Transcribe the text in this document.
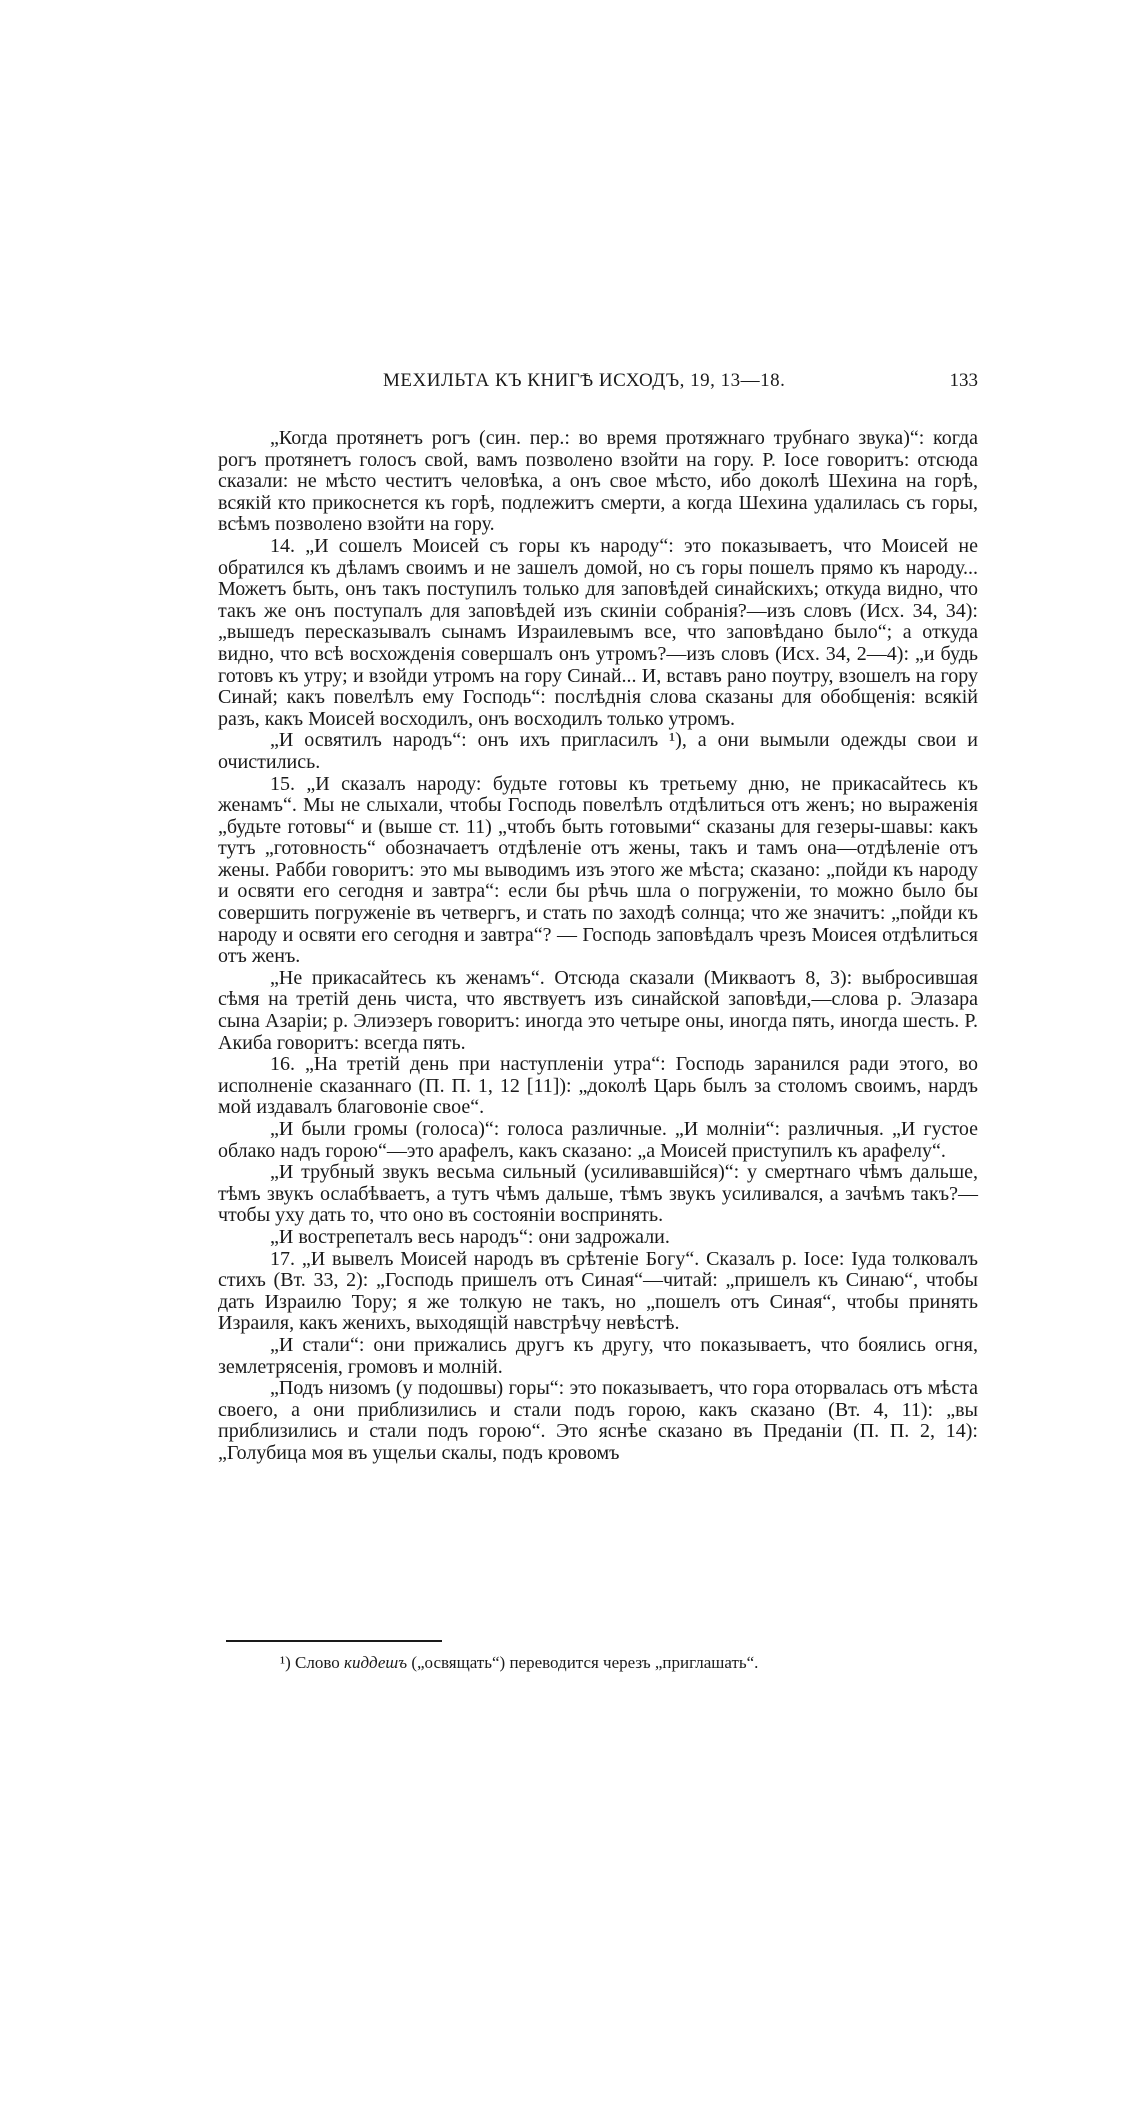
МЕХИЛЬТА КЪ КНИГѢ ИСХОДЪ, 19, 13—18.	133

„Когда протянетъ рогъ (син. пер.: во время протяжнаго трубнаго звука)“: когда рогъ протянетъ голосъ свой, вамъ позволено взойти на гору. Р. Iосе говоритъ: отсюда сказали: не мѣсто честитъ человѣка, а онъ свое мѣсто, ибо доколѣ Шехина на горѣ, всякій кто прикоснется къ горѣ, подлежитъ смерти, а когда Шехина удалилась съ горы, всѣмъ позволено взойти на гору.

14. „И сошелъ Моисей съ горы къ народу“: это показываетъ, что Моисей не обратился къ дѣламъ своимъ и не зашелъ домой, но съ горы пошелъ прямо къ народу... Можетъ быть, онъ такъ поступилъ только для заповѣдей синайскихъ; откуда видно, что такъ же онъ поступалъ для заповѣдей изъ скиніи собранія?—изъ словъ (Исх. 34, 34): „вышедъ пересказывалъ сынамъ Израилевымъ все, что заповѣдано было“; а откуда видно, что всѣ восхожденія совершалъ онъ утромъ?—изъ словъ (Исх. 34, 2—4): „и будь готовъ къ утру; и взойди утромъ на гору Синай... И, вставъ рано поутру, взошелъ на гору Синай; какъ повелѣлъ ему Господь“: послѣднія слова сказаны для обобщенія: всякій разъ, какъ Моисей восходилъ, онъ восходилъ только утромъ.

„И освятилъ народъ“: онъ ихъ пригласилъ ¹), а они вымыли одежды свои и очистились.

15. „И сказалъ народу: будьте готовы къ третьему дню, не прикасайтесь къ женамъ“. Мы не слыхали, чтобы Господь повелѣлъ отдѣлиться отъ женъ; но выраженія „будьте готовы“ и (выше ст. 11) „чтобъ быть готовыми“ сказаны для гезеры-шавы: какъ тутъ „готовность“ обозначаетъ отдѣленіе отъ жены, такъ и тамъ она—отдѣленіе отъ жены. Рабби говоритъ: это мы выводимъ изъ этого же мѣста; сказано: „пойди къ народу и освяти его сегодня и завтра“: если бы рѣчь шла о погруженіи, то можно было бы совершить погруженіе въ четвергъ, и стать по заходѣ солнца; что же значитъ: „пойди къ народу и освяти его сегодня и завтра“? — Господь заповѣдалъ чрезъ Моисея отдѣлиться отъ женъ.

„Не прикасайтесь къ женамъ“. Отсюда сказали (Микваотъ 8, 3): выбросившая сѣмя на третій день чиста, что явствуетъ изъ синайской заповѣди,—слова р. Элазара сына Азаріи; р. Элиэзеръ говоритъ: иногда это четыре оны, иногда пять, иногда шесть. Р. Акиба говоритъ: всегда пять.

16. „На третій день при наступленіи утра“: Господь заранился ради этого, во исполненіе сказаннаго (П. П. 1, 12 [11]): „доколѣ Царь былъ за столомъ своимъ, нардъ мой издавалъ благовоніе свое“.

„И были громы (голоса)“: голоса различные. „И молніи“: различныя. „И густое облако надъ горою“—это арафелъ, какъ сказано: „а Моисей приступилъ къ арафелу“.

„И трубный звукъ весьма сильный (усиливавшійся)“: у смертнаго чѣмъ дальше, тѣмъ звукъ ослабѣваетъ, а тутъ чѣмъ дальше, тѣмъ звукъ усиливался, а зачѣмъ такъ?—чтобы уху дать то, что оно въ состояніи воспринять.

„И вострепеталъ весь народъ“: они задрожали.

17. „И вывелъ Моисей народъ въ срѣтеніе Богу“. Сказалъ р. Iосе: Iуда толковалъ стихъ (Вт. 33, 2): „Господь пришелъ отъ Синая“—читай: „пришелъ къ Синаю“, чтобы дать Израилю Тору; я же толкую не такъ, но „пошелъ отъ Синая“, чтобы принять Израиля, какъ женихъ, выходящій навстрѣчу невѣстѣ.

„И стали“: они прижались другъ къ другу, что показываетъ, что боялись огня, землетрясенія, громовъ и молній.

„Подъ низомъ (у подошвы) горы“: это показываетъ, что гора оторвалась отъ мѣста своего, а они приблизились и стали подъ горою, какъ сказано (Вт. 4, 11): „вы приблизились и стали подъ горою“. Это яснѣе сказано въ Преданіи (П. П. 2, 14): „Голубица моя въ ущельи скалы, подъ кровомъ

¹) Слово киддешъ („освящать“) переводится черезъ „приглашать“.
